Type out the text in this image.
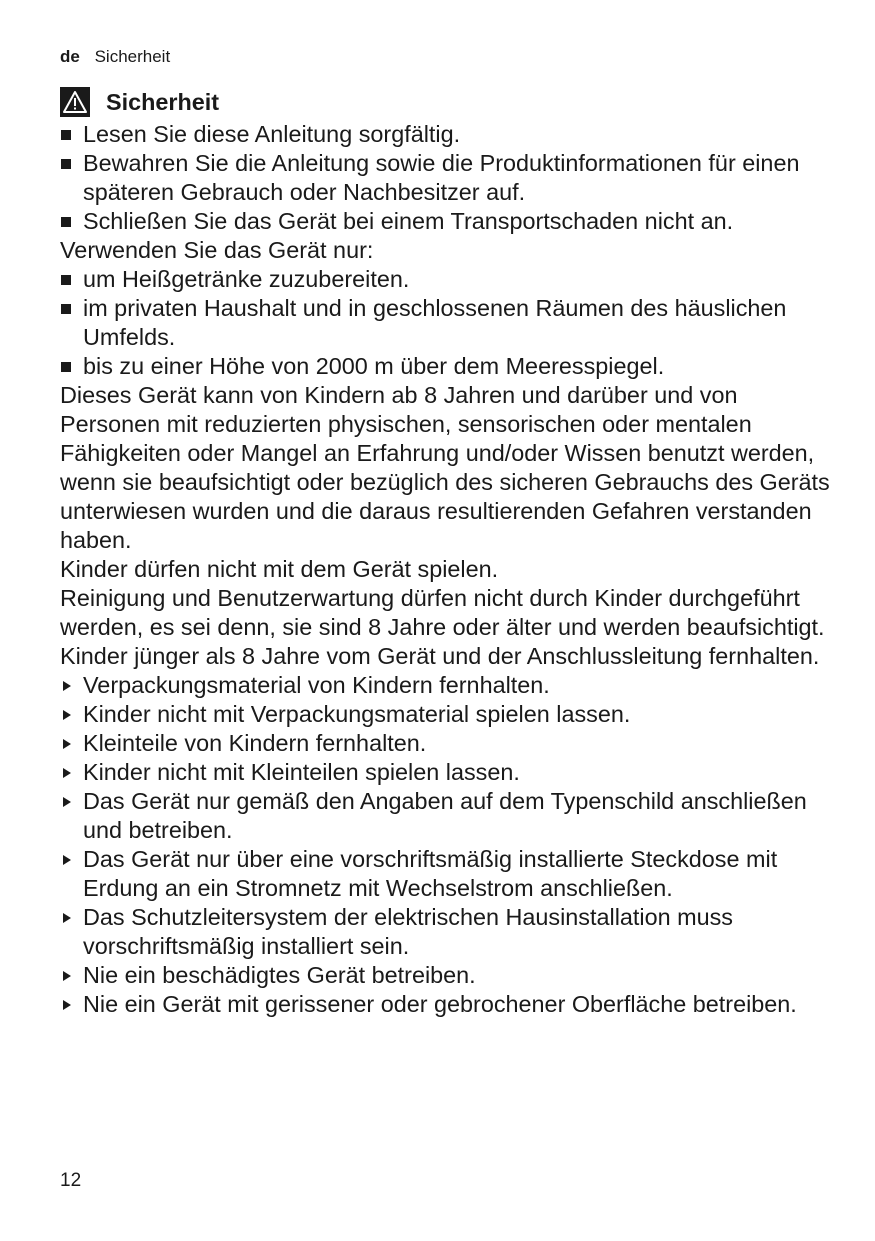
de Sicherheit
Sicherheit

Lesen Sie diese Anleitung sorgfältig.

Bewahren Sie die Anleitung sowie die Produktinformationen für einen späteren Gebrauch oder Nachbesitzer auf.

Schließen Sie das Gerät bei einem Transportschaden nicht an.

Verwenden Sie das Gerät nur:

um Heißgetränke zuzubereiten.

im privaten Haushalt und in geschlossenen Räumen des häuslichen Umfelds.

bis zu einer Höhe von 2000 m über dem Meeresspiegel.

Dieses Gerät kann von Kindern ab 8 Jahren und darüber und von Personen mit reduzierten physischen, sensorischen oder mentalen Fähigkeiten oder Mangel an Erfahrung und/oder Wissen benutzt werden, wenn sie beaufsichtigt oder bezüglich des sicheren Gebrauchs des Geräts unterwiesen wurden und die daraus resultierenden Gefahren verstanden haben.

Kinder dürfen nicht mit dem Gerät spielen.

Reinigung und Benutzerwartung dürfen nicht durch Kinder durchgeführt werden, es sei denn, sie sind 8 Jahre oder älter und werden beaufsichtigt.

Kinder jünger als 8 Jahre vom Gerät und der Anschlussleitung fernhalten.

Verpackungsmaterial von Kindern fernhalten.

Kinder nicht mit Verpackungsmaterial spielen lassen.

Kleinteile von Kindern fernhalten.

Kinder nicht mit Kleinteilen spielen lassen.

Das Gerät nur gemäß den Angaben auf dem Typenschild anschließen und betreiben.

Das Gerät nur über eine vorschriftsmäßig installierte Steckdose mit Erdung an ein Stromnetz mit Wechselstrom anschließen.

Das Schutzleitersystem der elektrischen Hausinstallation muss vorschriftsmäßig installiert sein.

Nie ein beschädigtes Gerät betreiben.

Nie ein Gerät mit gerissener oder gebrochener Oberfläche betreiben.

12
